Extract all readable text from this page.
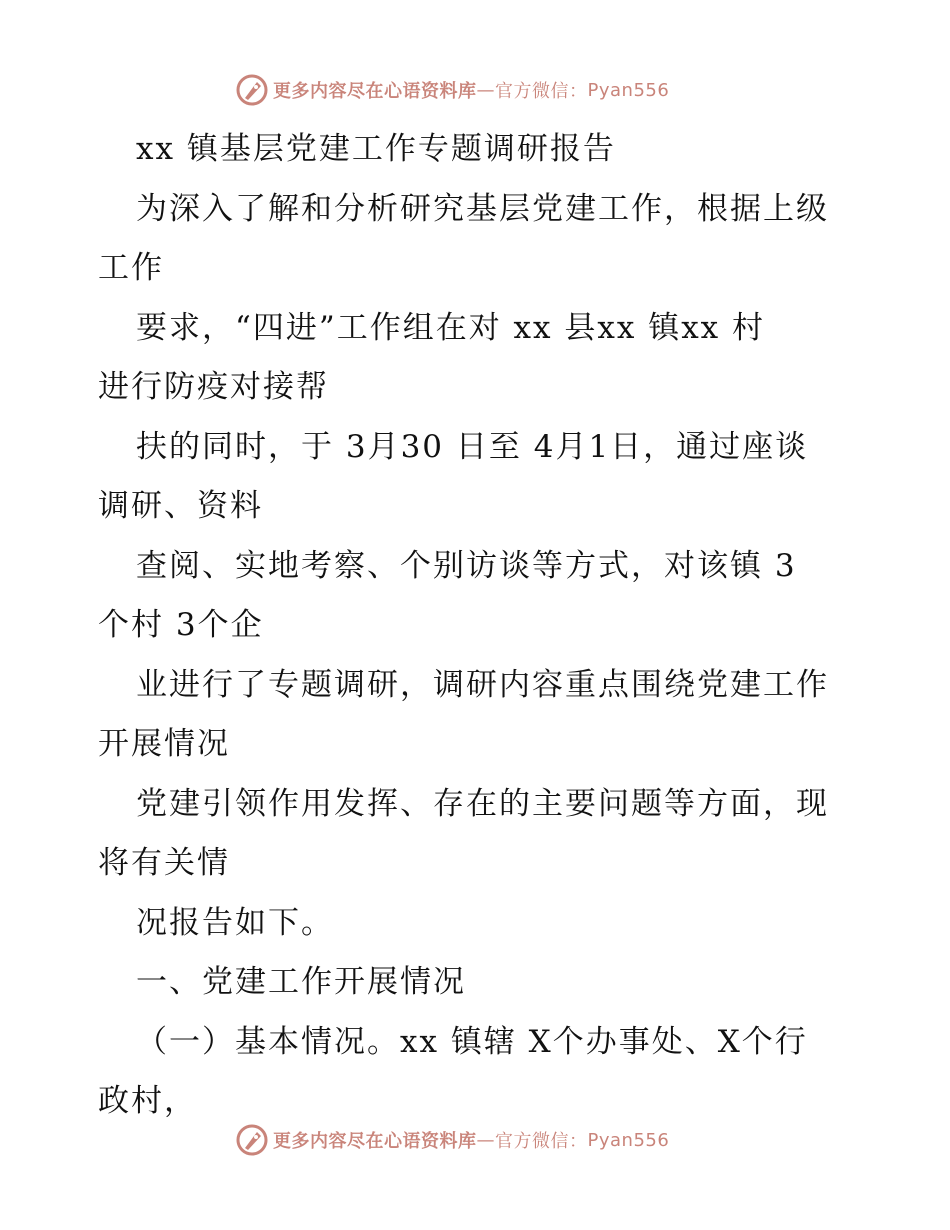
更多内容尽在心语资料库 — 官方微信： Pyan556
xx 镇基层党建工作专题调研报告
为深入了解和分析研究基层党建工作，根据上级
工作
要求，“四进”工作组在对 xx 县xx 镇xx 村
进行防疫对接帮
扶的同时，于 3月30 日至 4月1日，通过座谈
调研、资料
查阅、实地考察、个别访谈等方式，对该镇 3
个村 3个企
业进行了专题调研，调研内容重点围绕党建工作
开展情况
党建引领作用发挥、存在的主要问题等方面，现
将有关情
况报告如下。
一、党建工作开展情况
（一）基本情况。xx 镇辖 X个办事处、X个行
政村，
更多内容尽在心语资料库 — 官方微信： Pyan556
